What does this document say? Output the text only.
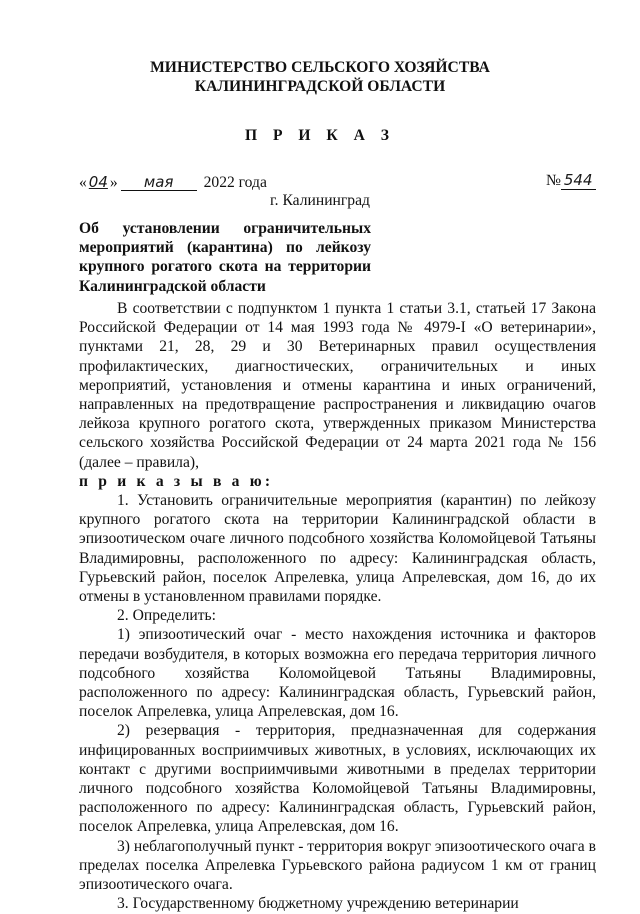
МИНИСТЕРСТВО СЕЛЬСКОГО ХОЗЯЙСТВА
КАЛИНИНГРАДСКОЙ ОБЛАСТИ
П Р И К А З
« 04 » мая 2022 года	№ 544
г. Калининград
Об установлении ограничительных мероприятий (карантина) по лейкозу крупного рогатого скота на территории Калининградской области

В соответствии с подпунктом 1 пункта 1 статьи 3.1, статьей 17 Закона Российской Федерации от 14 мая 1993 года № 4979-I «О ветеринарии», пунктами 21, 28, 29 и 30 Ветеринарных правил осуществления профилактических, диагностических, ограничительных и иных мероприятий, установления и отмены карантина и иных ограничений, направленных на предотвращение распространения и ликвидацию очагов лейкоза крупного рогатого скота, утвержденных приказом Министерства сельского хозяйства Российской Федерации от 24 марта 2021 года № 156 (далее – правила),

п р и к а з ы в а ю:

1. Установить ограничительные мероприятия (карантин) по лейкозу крупного рогатого скота на территории Калининградской области в эпизоотическом очаге личного подсобного хозяйства Коломойцевой Татьяны Владимировны, расположенного по адресу: Калининградская область, Гурьевский район, поселок Апрелевка, улица Апрелевская, дом 16, до их отмены в установленном правилами порядке.

2. Определить:

1) эпизоотический очаг - место нахождения источника и факторов передачи возбудителя, в которых возможна его передача территория личного подсобного хозяйства Коломойцевой Татьяны Владимировны, расположенного по адресу: Калининградская область, Гурьевский район, поселок Апрелевка, улица Апрелевская, дом 16.

2) резервация - территория, предназначенная для содержания инфицированных восприимчивых животных, в условиях, исключающих их контакт с другими восприимчивыми животными в пределах территории личного подсобного хозяйства Коломойцевой Татьяны Владимировны, расположенного по адресу: Калининградская область, Гурьевский район, поселок Апрелевка, улица Апрелевская, дом 16.

3) неблагополучный пункт - территория вокруг эпизоотического очага в пределах поселка Апрелевка Гурьевского района радиусом 1 км от границ эпизоотического очага.

3. Государственному бюджетному учреждению ветеринарии
